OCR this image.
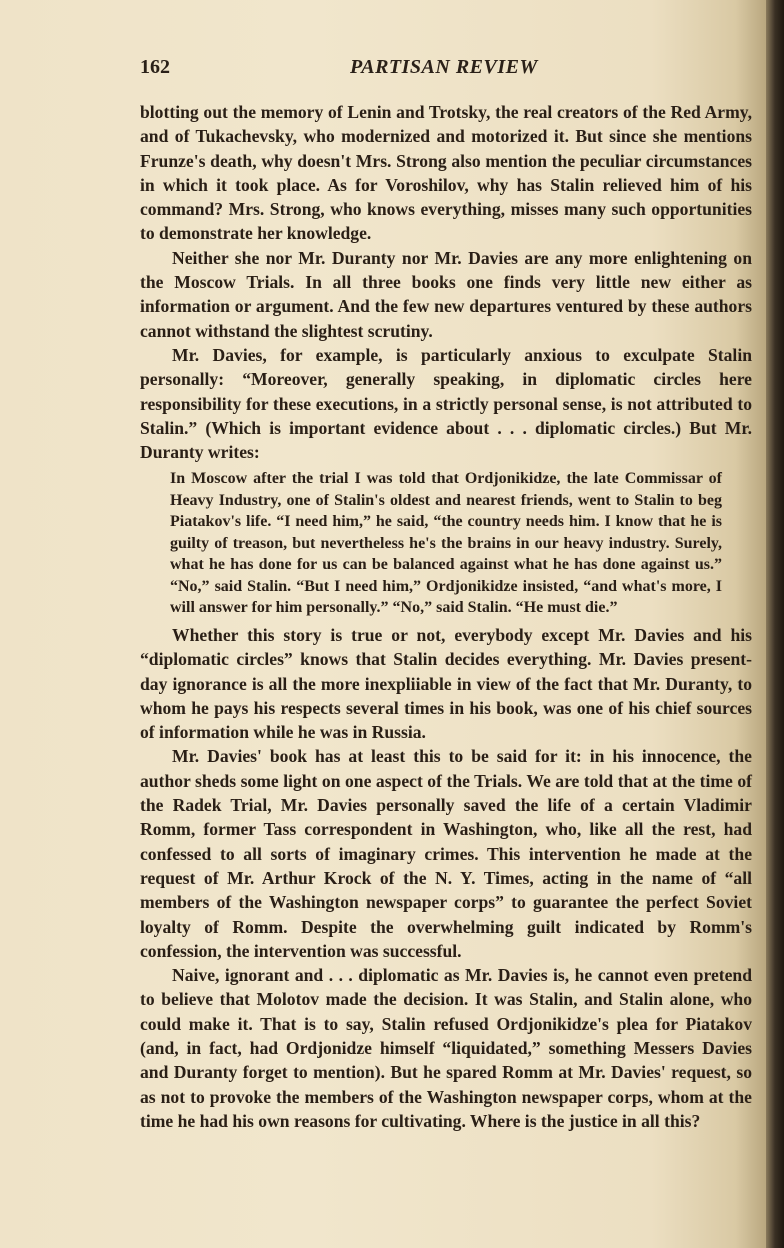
162	PARTISAN REVIEW

blotting out the memory of Lenin and Trotsky, the real creators of the Red Army, and of Tukachevsky, who modernized and motorized it. But since she mentions Frunze's death, why doesn't Mrs. Strong also mention the peculiar circumstances in which it took place. As for Voroshilov, why has Stalin relieved him of his command? Mrs. Strong, who knows everything, misses many such opportunities to demonstrate her knowledge.

Neither she nor Mr. Duranty nor Mr. Davies are any more enlightening on the Moscow Trials. In all three books one finds very little new either as information or argument. And the few new departures ventured by these authors cannot withstand the slightest scrutiny.

Mr. Davies, for example, is particularly anxious to exculpate Stalin personally: “Moreover, generally speaking, in diplomatic circles here responsibility for these executions, in a strictly personal sense, is not attributed to Stalin.” (Which is important evidence about . . . diplomatic circles.) But Mr. Duranty writes:

In Moscow after the trial I was told that Ordjonikidze, the late Commissar of Heavy Industry, one of Stalin's oldest and nearest friends, went to Stalin to beg Piatakov's life. “I need him,” he said, “the country needs him. I know that he is guilty of treason, but nevertheless he's the brains in our heavy industry. Surely, what he has done for us can be balanced against what he has done against us.” “No,” said Stalin. “But I need him,” Ordjonikidze insisted, “and what's more, I will answer for him personally.” “No,” said Stalin. “He must die.”

Whether this story is true or not, everybody except Mr. Davies and his “diplomatic circles” knows that Stalin decides everything. Mr. Davies present-day ignorance is all the more inexpliiable in view of the fact that Mr. Duranty, to whom he pays his respects several times in his book, was one of his chief sources of information while he was in Russia.

Mr. Davies' book has at least this to be said for it: in his innocence, the author sheds some light on one aspect of the Trials. We are told that at the time of the Radek Trial, Mr. Davies personally saved the life of a certain Vladimir Romm, former Tass correspondent in Washington, who, like all the rest, had confessed to all sorts of imaginary crimes. This intervention he made at the request of Mr. Arthur Krock of the N. Y. Times, acting in the name of “all members of the Washington newspaper corps” to guarantee the perfect Soviet loyalty of Romm. Despite the overwhelming guilt indicated by Romm's confession, the intervention was successful.

Naive, ignorant and . . . diplomatic as Mr. Davies is, he cannot even pretend to believe that Molotov made the decision. It was Stalin, and Stalin alone, who could make it. That is to say, Stalin refused Ordjonikidze's plea for Piatakov (and, in fact, had Ordjonidze himself “liquidated,” something Messers Davies and Duranty forget to mention). But he spared Romm at Mr. Davies' request, so as not to provoke the members of the Washington newspaper corps, whom at the time he had his own reasons for cultivating. Where is the justice in all this?
